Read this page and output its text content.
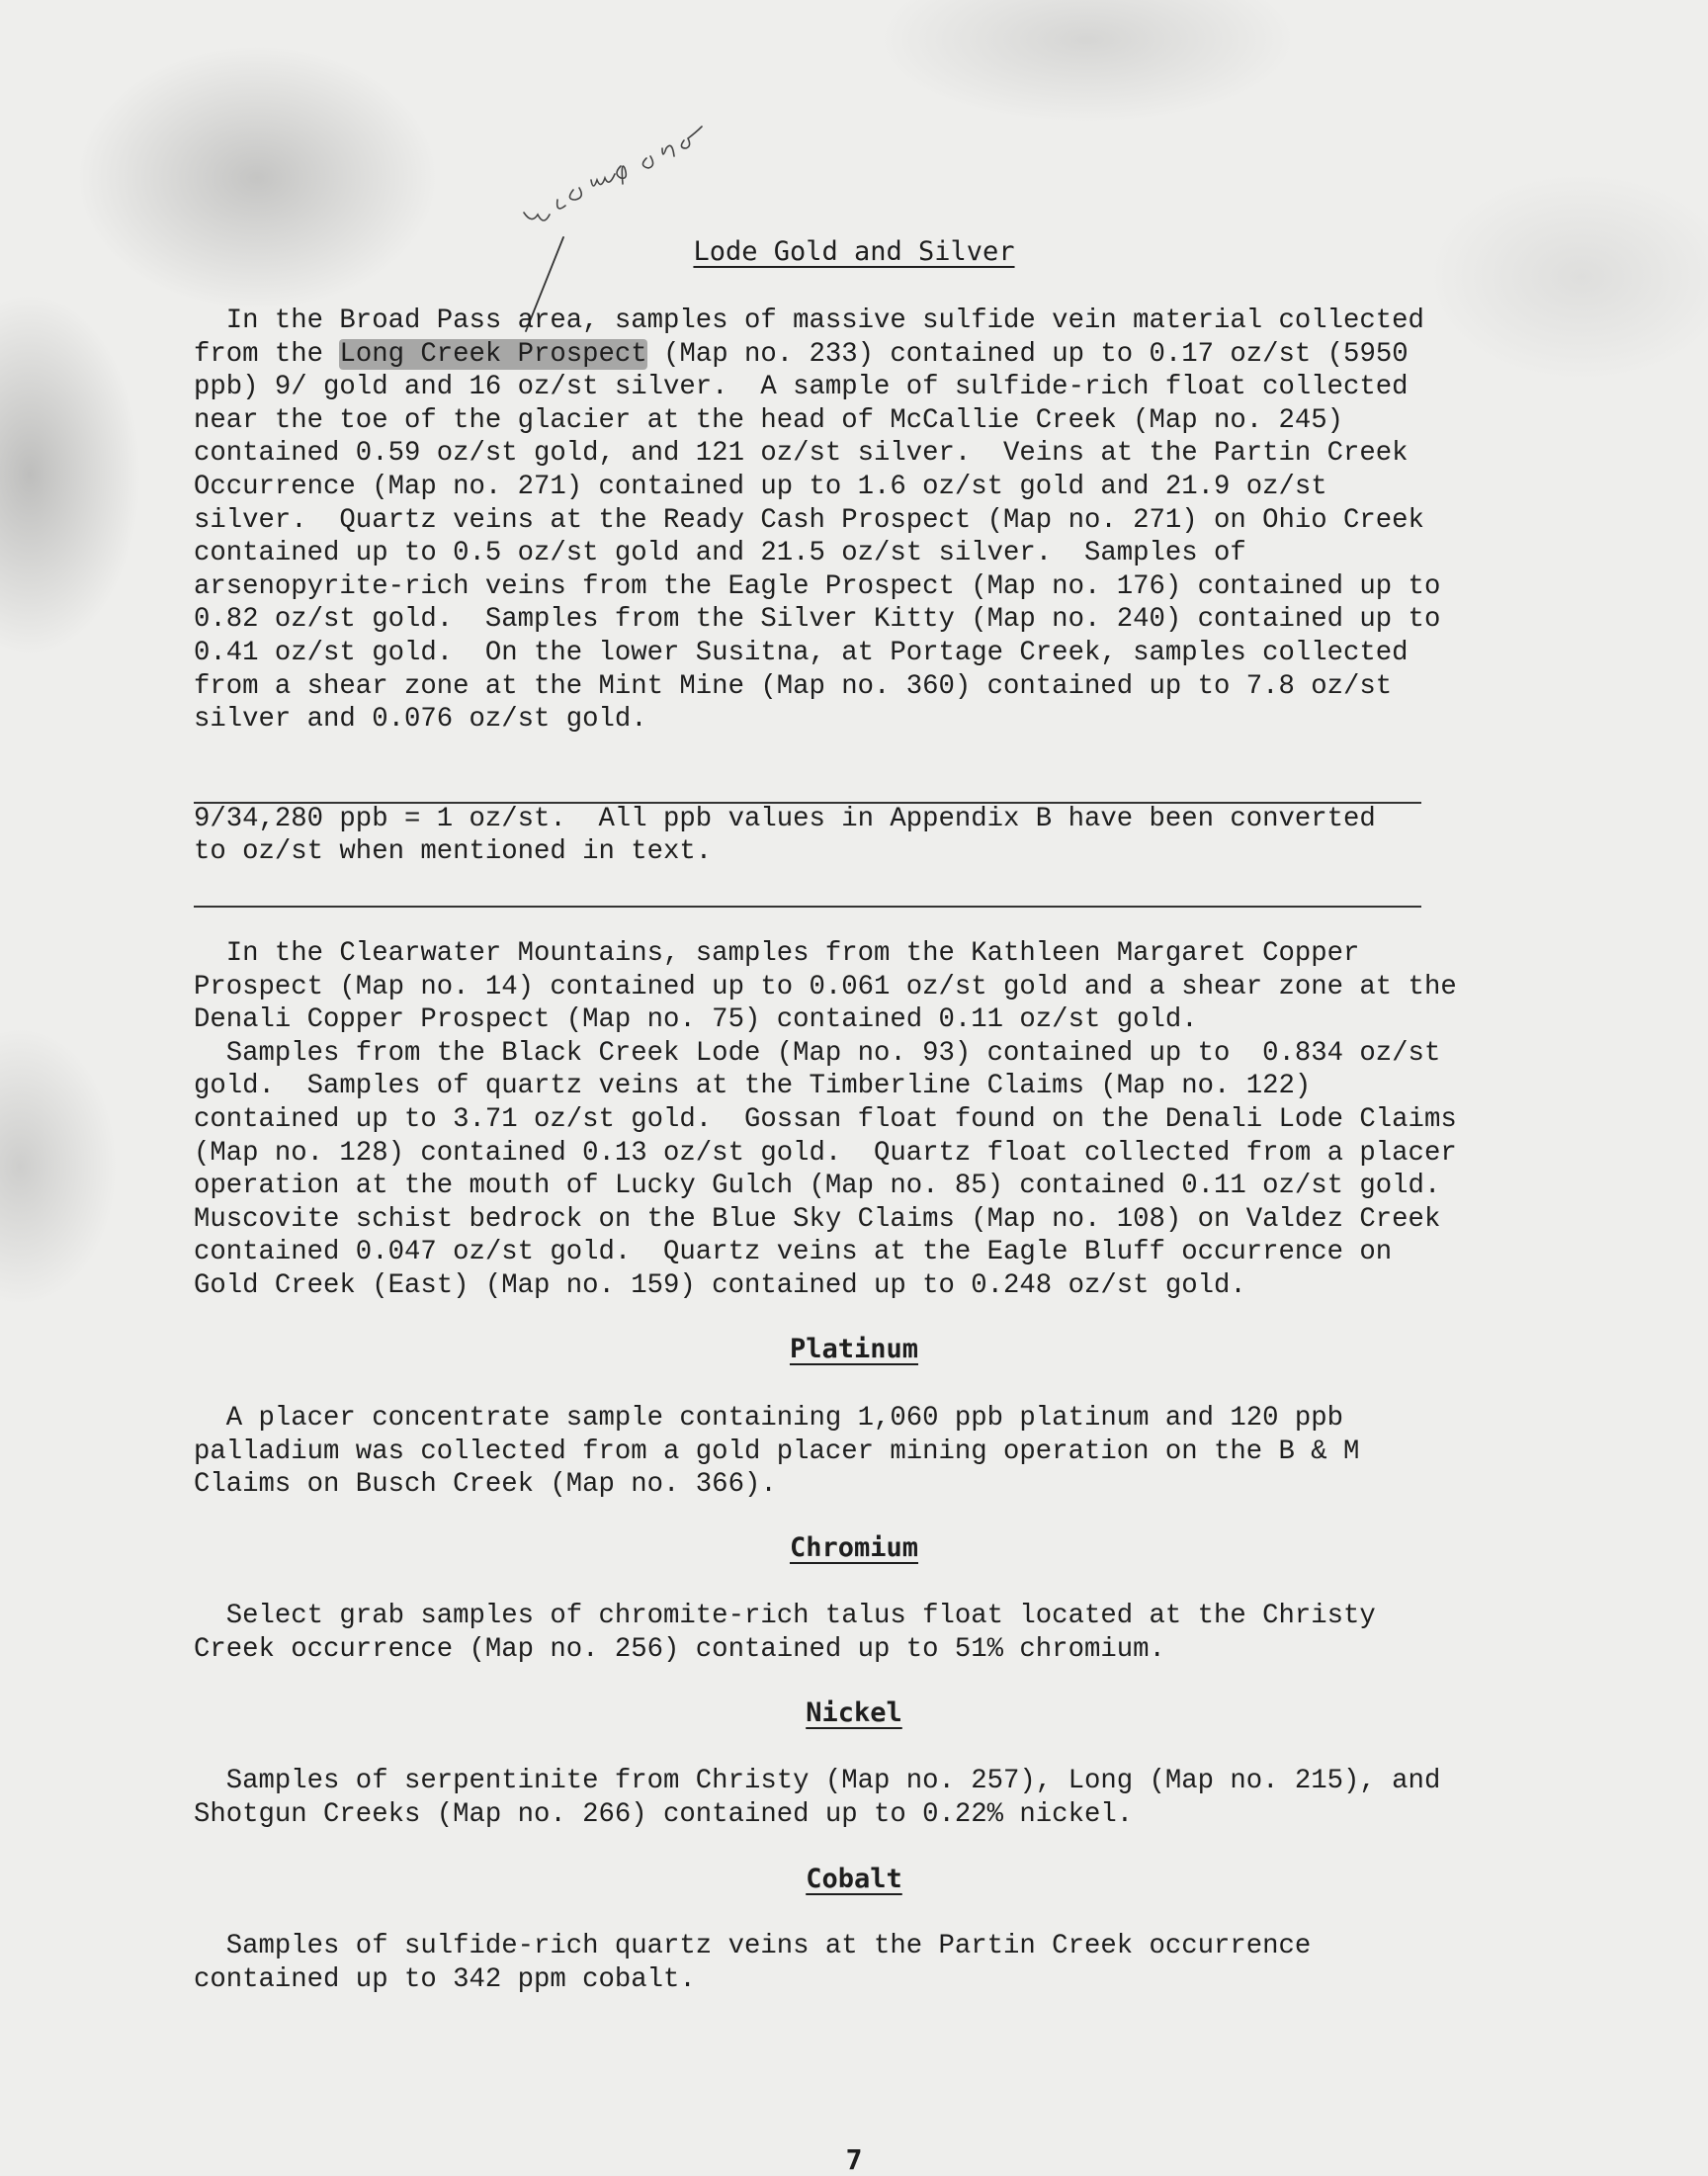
Lode Gold and Silver
In the Broad Pass area, samples of massive sulfide vein material collected
from the Long Creek Prospect (Map no. 233) contained up to 0.17 oz/st (5950
ppb) 9/ gold and 16 oz/st silver.  A sample of sulfide-rich float collected
near the toe of the glacier at the head of McCallie Creek (Map no. 245)
contained 0.59 oz/st gold, and 121 oz/st silver.  Veins at the Partin Creek
Occurrence (Map no. 271) contained up to 1.6 oz/st gold and 21.9 oz/st
silver.  Quartz veins at the Ready Cash Prospect (Map no. 271) on Ohio Creek
contained up to 0.5 oz/st gold and 21.5 oz/st silver.  Samples of
arsenopyrite-rich veins from the Eagle Prospect (Map no. 176) contained up to
0.82 oz/st gold.  Samples from the Silver Kitty (Map no. 240) contained up to
0.41 oz/st gold.  On the lower Susitna, at Portage Creek, samples collected
from a shear zone at the Mint Mine (Map no. 360) contained up to 7.8 oz/st
silver and 0.076 oz/st gold.
9/34,280 ppb = 1 oz/st.  All ppb values in Appendix B have been converted
to oz/st when mentioned in text.
In the Clearwater Mountains, samples from the Kathleen Margaret Copper
Prospect (Map no. 14) contained up to 0.061 oz/st gold and a shear zone at the
Denali Copper Prospect (Map no. 75) contained 0.11 oz/st gold.
Samples from the Black Creek Lode (Map no. 93) contained up to  0.834 oz/st
gold.  Samples of quartz veins at the Timberline Claims (Map no. 122)
contained up to 3.71 oz/st gold.  Gossan float found on the Denali Lode Claims
(Map no. 128) contained 0.13 oz/st gold.  Quartz float collected from a placer
operation at the mouth of Lucky Gulch (Map no. 85) contained 0.11 oz/st gold.
Muscovite schist bedrock on the Blue Sky Claims (Map no. 108) on Valdez Creek
contained 0.047 oz/st gold.  Quartz veins at the Eagle Bluff occurrence on
Gold Creek (East) (Map no. 159) contained up to 0.248 oz/st gold.
Platinum
A placer concentrate sample containing 1,060 ppb platinum and 120 ppb
palladium was collected from a gold placer mining operation on the B & M
Claims on Busch Creek (Map no. 366).
Chromium
Select grab samples of chromite-rich talus float located at the Christy
Creek occurrence (Map no. 256) contained up to 51% chromium.
Nickel
Samples of serpentinite from Christy (Map no. 257), Long (Map no. 215), and
Shotgun Creeks (Map no. 266) contained up to 0.22% nickel.
Cobalt
Samples of sulfide-rich quartz veins at the Partin Creek occurrence
contained up to 342 ppm cobalt.
7
